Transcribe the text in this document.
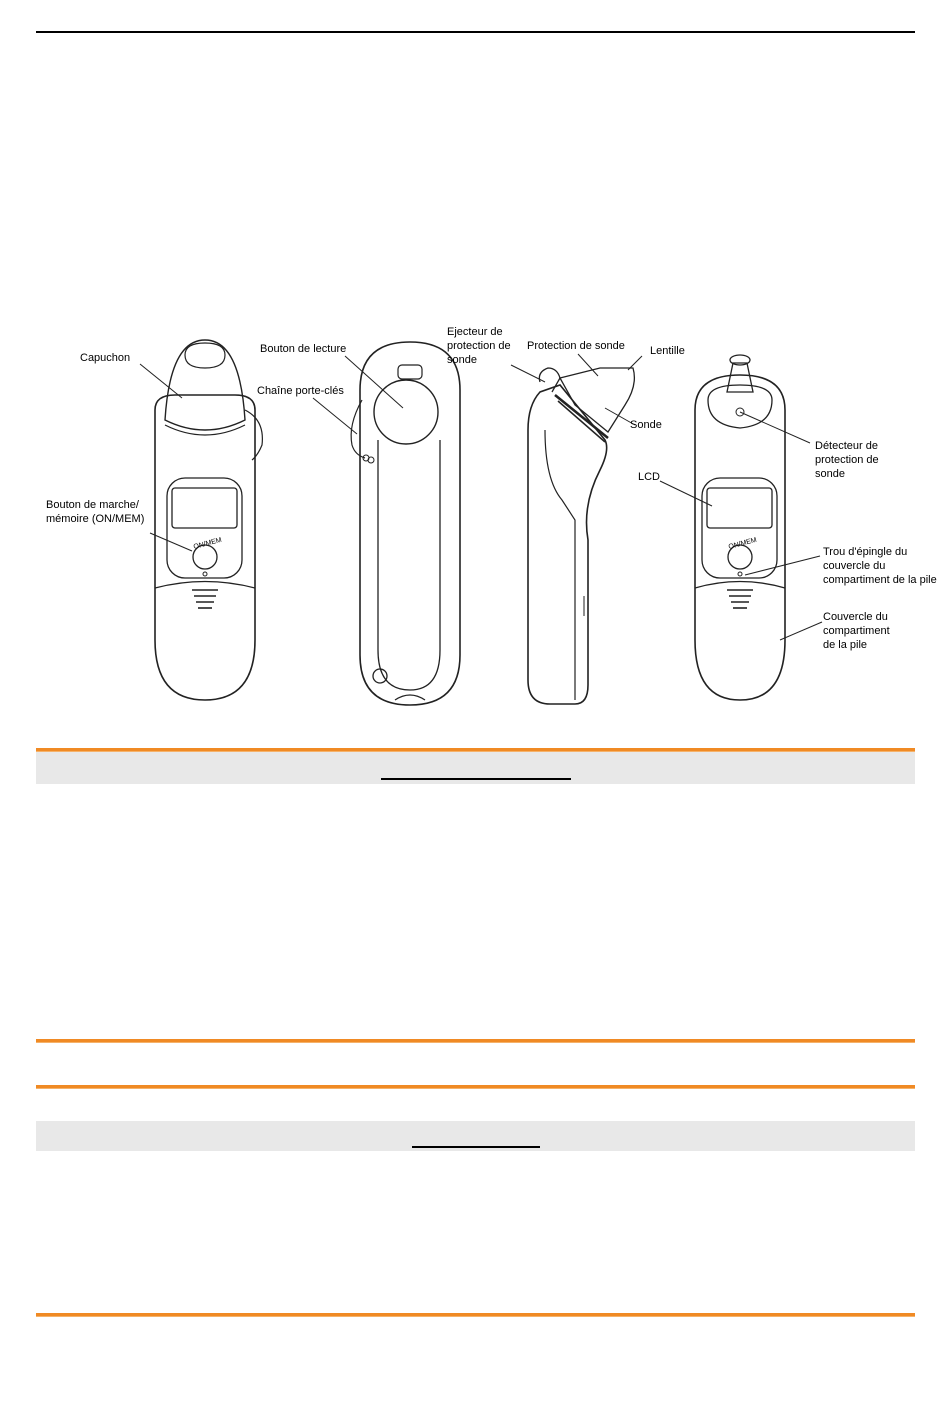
ON/MEM	ON/MEM
Capuchon
Bouton de marche/
mémoire (ON/MEM)
Bouton de lecture
Chaîne porte-clés
Ejecteur de
protection de
sonde
Protection de sonde Lentille
Sonde
Détecteur de
protection de
sonde
LCD
Trou d'épingle du
couvercle du
compartiment de la pile
Couvercle du
compartiment
de la pile
